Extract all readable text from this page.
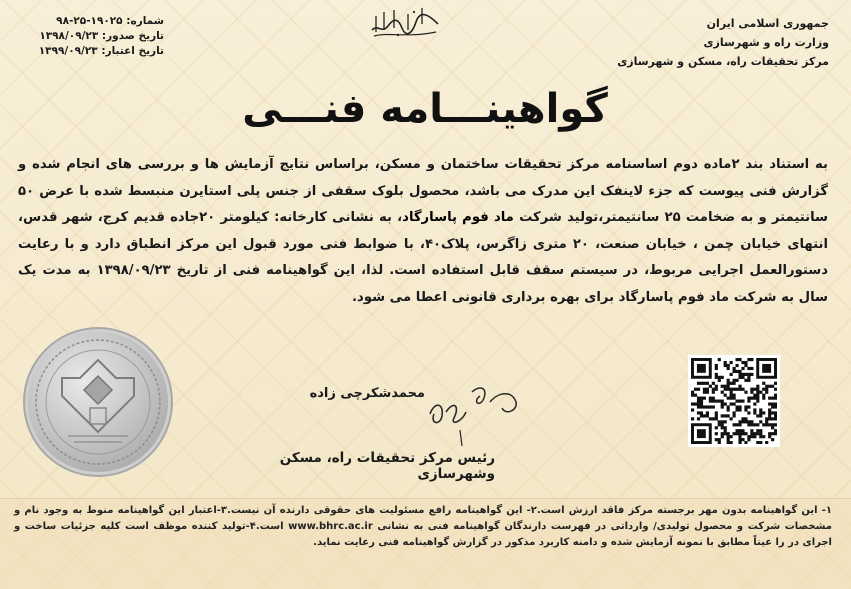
جمهوری اسلامی ایران
وزارت راه و شهرسازی
مرکز تحقیقات راه، مسکن و شهرسازی
شماره: ۱۹۰۲۵-۲۵-۹۸
تاریخ صدور: ۱۳۹۸/۰۹/۲۳
تاریخ اعتبار: ۱۳۹۹/۰۹/۲۳
گواهینـــامه فنـــی
به استناد بند ۲ماده دوم اساسنامه مرکز تحقیقات ساختمان و مسکن، براساس نتایج آزمایش ها و بررسی های انجام شده و گزارش فنی پیوست که جزء لاینفک این مدرک می باشد، محصول بلوک سقفی از جنس پلی استایرن منبسط شده با عرض ۵۰ سانتیمتر و به ضخامت ۲۵ سانتیمتر،تولید شرکت ماد فوم پاسارگاد، به نشانی کارخانه: کیلومتر ۲۰جاده قدیم کرج، شهر قدس، انتهای خیابان چمن ، خیابان صنعت، ۲۰ متری زاگرس، پلاک۴۰، با ضوابط فنی مورد قبول این مرکز انطباق دارد و با رعایت دستورالعمل اجرایی مربوط، در سیستم سقف قابل استفاده است. لذا، این گواهینامه فنی از تاریخ ۱۳۹۸/۰۹/۲۳ به مدت یک سال به شرکت ماد فوم پاسارگاد برای بهره برداری قانونی اعطا می شود.
محمدشکرچی زاده
رئیس مرکز تحقیقات راه، مسکن وشهرسازی
۱- این گواهینامه بدون مهر برجسته مرکز فاقد ارزش است.۲- این گواهینامه رافع مسئولیت های حقوقی دارنده آن نیست.۳-اعتبار این گواهینامه منوط به وجود نام و مشخصات شرکت و محصول تولیدی/ وارداتی در فهرست دارندگان گواهینامه فنی به نشانی www.bhrc.ac.ir است.۴-تولید کننده موظف است کلیه جزئیات ساخت و اجرای در را عیناً مطابق با نمونه آزمایش شده و دامنه کاربرد مذکور در گزارش گواهینامه فنی رعایت نماید.
